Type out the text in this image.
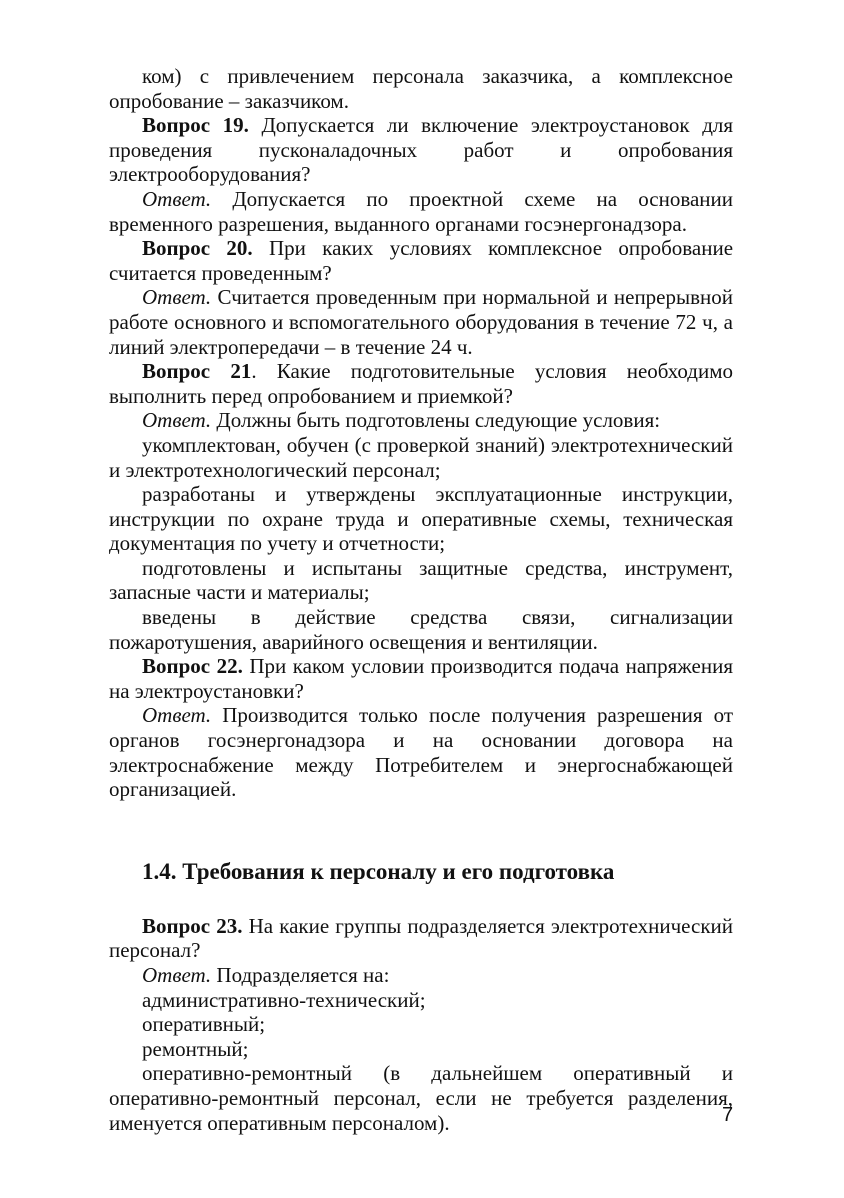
ком) с привлечением персонала заказчика, а комплексное опробование – заказчиком.

Вопрос 19. Допускается ли включение электроустановок для проведения пусконаладочных работ и опробования электрооборудования?

Ответ. Допускается по проектной схеме на основании временного разрешения, выданного органами госэнергонадзора.

Вопрос 20. При каких условиях комплексное опробование считается проведенным?

Ответ. Считается проведенным при нормальной и непрерывной работе основного и вспомогательного оборудования в течение 72 ч, а линий электропередачи – в течение 24 ч.

Вопрос 21. Какие подготовительные условия необходимо выполнить перед опробованием и приемкой?

Ответ. Должны быть подготовлены следующие условия:

укомплектован, обучен (с проверкой знаний) электротехнический и электротехнологический персонал;

разработаны и утверждены эксплуатационные инструкции, инструкции по охране труда и оперативные схемы, техническая документация по учету и отчетности;

подготовлены и испытаны защитные средства, инструмент, запасные части и материалы;

введены в действие средства связи, сигнализации пожаротушения, аварийного освещения и вентиляции.

Вопрос 22. При каком условии производится подача напряжения на электроустановки?

Ответ. Производится только после получения разрешения от органов госэнергонадзора и на основании договора на электроснабжение между Потребителем и энергоснабжающей организацией.

1.4. Требования к персоналу и его подготовка

Вопрос 23. На какие группы подразделяется электротехнический персонал?

Ответ. Подразделяется на:

административно-технический;

оперативный;

ремонтный;

оперативно-ремонтный (в дальнейшем оперативный и оперативно-ремонтный персонал, если не требуется разделения, именуется оперативным персоналом).	7
